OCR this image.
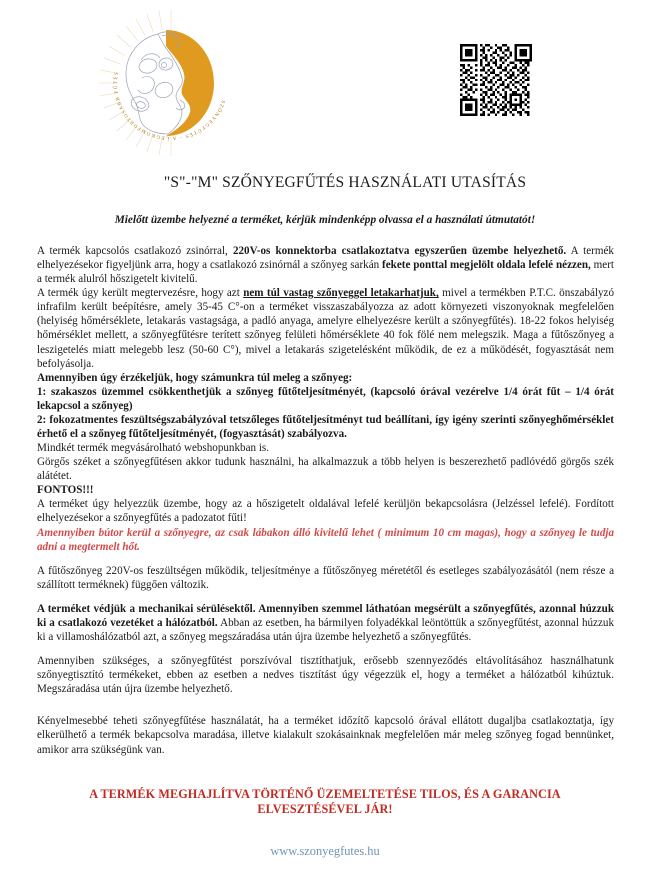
SZŐNYEGFŰTÉS - A LEGKOMFORTOSABB FŰTÉS
"S"-"M" SZŐNYEGFŰTÉS HASZNÁLATI UTASÍTÁS

Mielőtt üzembe helyezné a terméket, kérjük mindenképp olvassa el a használati útmutatót!

A termék kapcsolós csatlakozó zsinórral, 220V-os konnektorba csatlakoztatva egyszerűen üzembe helyezhető. A termék elhelyezésekor figyeljünk arra, hogy a csatlakozó zsinórnál a szőnyeg sarkán fekete ponttal megjelölt oldala lefelé nézzen, mert a termék alulról hőszigetelt kivitelű.

A termék úgy került megtervezésre, hogy azt nem túl vastag szőnyeggel letakarhatjuk, mivel a termékben P.T.C. önszabályzó infrafilm került beépítésre, amely 35-45 C°-on a terméket visszaszabályozza az adott környezeti viszonyoknak megfelelően (helyiség hőmérséklete, letakarás vastagsága, a padló anyaga, amelyre elhelyezésre került a szőnyegfűtés). 18-22 fokos helyiség hőmérséklet mellett, a szőnyegfűtésre terített szőnyeg felületi hőmérséklete 40 fok fölé nem melegszik. Maga a fűtőszőnyeg a leszigetelés miatt melegebb lesz (50-60 C°), mivel a letakarás szigetelésként működik, de ez a működését, fogyasztását nem befolyásolja.

Amennyiben úgy érzékeljük, hogy számunkra túl meleg a szőnyeg:

1: szakaszos üzemmel csökkenthetjük a szőnyeg fűtőteljesítményét, (kapcsoló órával vezérelve 1/4 órát fűt – 1/4 órát lekapcsol a szőnyeg)

2: fokozatmentes feszültségszabályzóval tetszőleges fűtőteljesítményt tud beállítani, így igény szerinti szőnyeghőmérséklet érhető el a szőnyeg fűtőteljesítményét, (fogyasztását) szabályozva.

Mindkét termék megvásárolható webshopunkban is.

Görgős széket a szőnyegfűtésen akkor tudunk használni, ha alkalmazzuk a több helyen is beszerezhető padlóvédő görgős szék alátétet.

FONTOS!!!

A terméket úgy helyezzük üzembe, hogy az a hőszigetelt oldalával lefelé kerüljön bekapcsolásra (Jelzéssel lefelé). Fordított elhelyezésekor a szőnyegfűtés a padozatot fűti!

Amennyiben bútor kerül a szőnyegre, az csak lábakon álló kivitelű lehet ( minimum 10 cm magas), hogy a szőnyeg le tudja adni a megtermelt hőt.

A fűtőszőnyeg 220V-os feszültségen működik, teljesítménye a fűtőszőnyeg méretétől és esetleges szabályozásától (nem része a szállított terméknek) függően változik.

A terméket védjük a mechanikai sérülésektől. Amennyiben szemmel láthatóan megsérült a szőnyegfűtés, azonnal húzzuk ki a csatlakozó vezetéket a hálózatból. Abban az esetben, ha bármilyen folyadékkal leöntöttük a szőnyegfűtést, azonnal húzzuk ki a villamoshálózatból azt, a szőnyeg megszáradása után újra üzembe helyezhető a szőnyegfűtés.

Amennyiben szükséges, a szőnyegfűtést porszívóval tisztíthatjuk, erősebb szennyeződés eltávolításához használhatunk szőnyegtisztító termékeket, ebben az esetben a nedves tisztítást úgy végezzük el, hogy a terméket a hálózatból kihúztuk. Megszáradása után újra üzembe helyezhető.

Kényelmesebbé teheti szőnyegfűtése használatát, ha a terméket időzítő kapcsoló órával ellátott dugaljba csatlakoztatja, így elkerülhető a termék bekapcsolva maradása, illetve kialakult szokásainknak megfelelően már meleg szőnyeg fogad bennünket, amikor arra szükségünk van.

A TERMÉK MEGHAJLÍTVA TÖRTÉNŐ ÜZEMELTETÉSE TILOS, ÉS A GARANCIA ELVESZTÉSÉVEL JÁR!

www.szonyegfutes.hu
